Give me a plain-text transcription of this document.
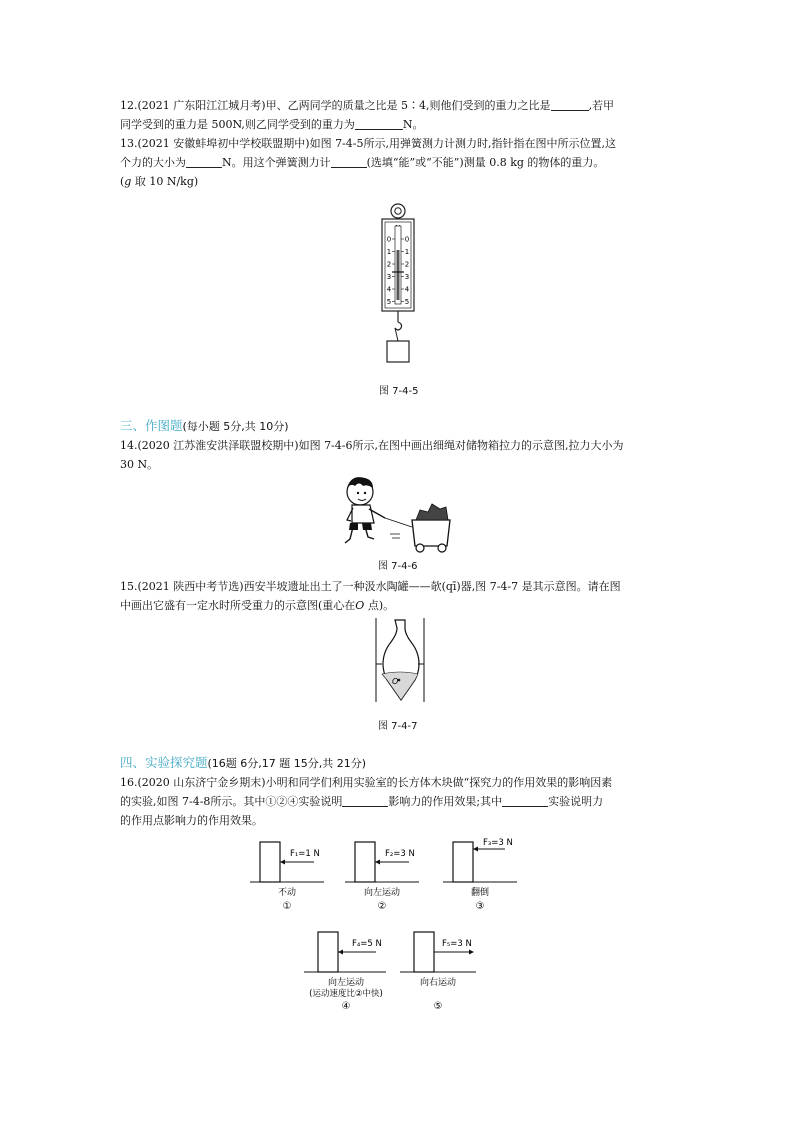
12.(2021 广东阳江江城月考)甲、乙两同学的质量之比是 5∶4,则他们受到的重力之比是	,若甲
同学受到的重力是 500N,则乙同学受到的重力为	N。
13.(2021 安徽蚌埠初中学校联盟期中)如图 7-4-5所示,用弹簧测力计测力时,指针指在图中所示位置,这
个力的大小为	N。用这个弹簧测力计	(选填“能”或“不能”)测量 0.8 kg 的物体的重力。
(g 取 10 N/kg)
0 0
1 1
2 2
3 3
4 4
5 5
图 7-4-5
三、作图题(每小题 5分,共 10分)
14.(2020 江苏淮安洪泽联盟校期中)如图 7-4-6所示,在图中画出细绳对储物箱拉力的示意图,拉力大小为
30 N。
图 7-4-6
15.(2021 陕西中考节选)西安半坡遗址出土了一种汲水陶罐——欹(qī)器,图 7-4-7 是其示意图。请在图
中画出它盛有一定水时所受重力的示意图(重心在O 点)。
O
图 7-4-7
四、实验探究题(16题 6分,17 题 15分,共 21分)
16.(2020 山东济宁金乡期末)小明和同学们利用实验室的长方体木块做“探究力的作用效果的影响因素
的实验,如图 7-4-8所示。其中①②④实验说明	影响力的作用效果;其中	实验说明力
的作用点影响力的作用效果。
F₁=1 N
不动
①
F₂=3 N
向左运动
②
F₃=3 N
翻倒
③
F₄=5 N
向左运动
(运动速度比②中快)
④
F₅=3 N
向右运动
⑤
